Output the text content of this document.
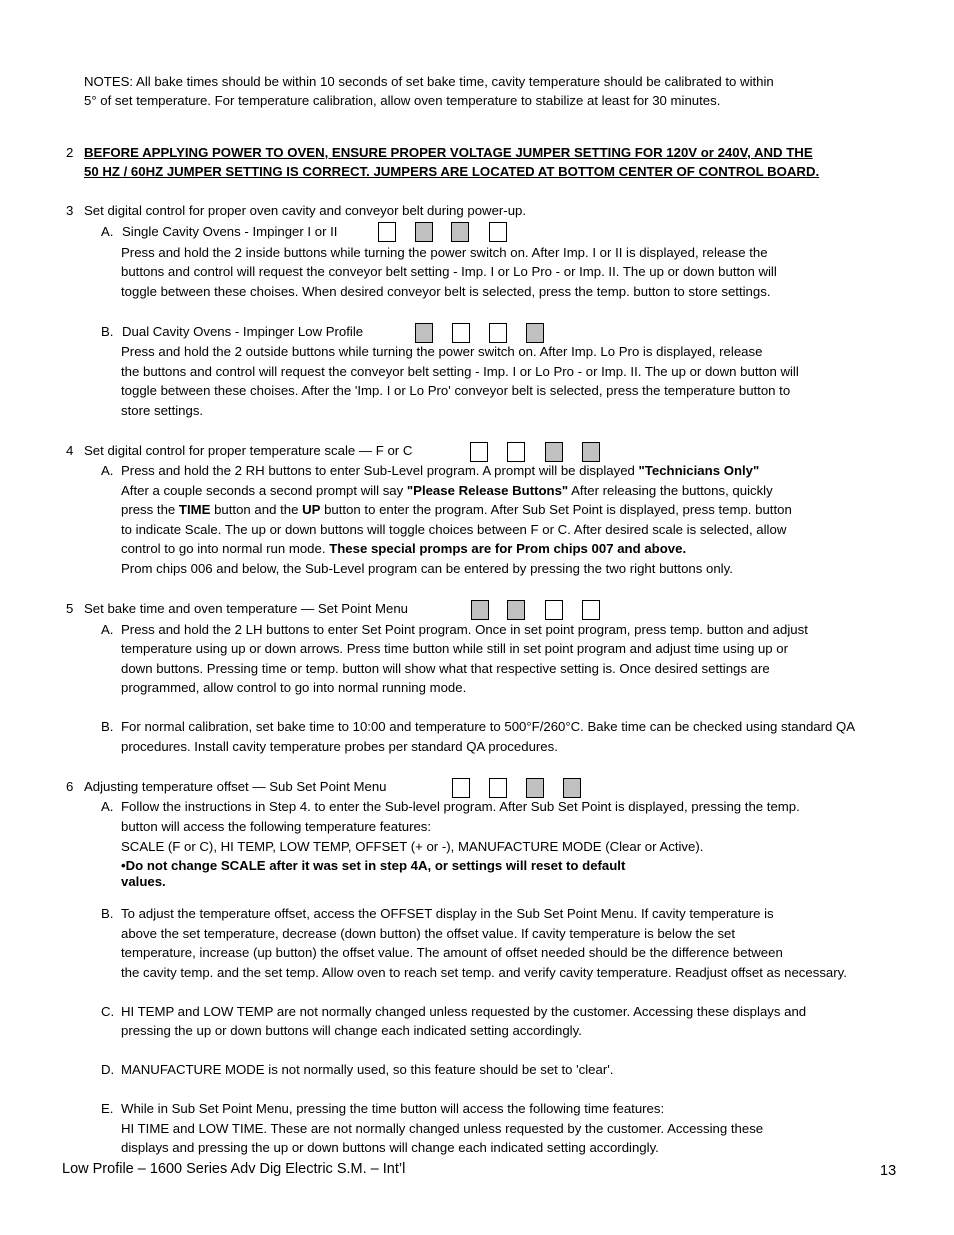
NOTES: All bake times should be within 10 seconds of set bake time, cavity temperature should be calibrated to within
5° of set temperature. For temperature calibration, allow oven temperature to stabilize at least for 30 minutes.
2 BEFORE APPLYING POWER TO OVEN, ENSURE PROPER VOLTAGE JUMPER SETTING FOR 120V or 240V, AND THE
50 HZ / 60HZ JUMPER SETTING IS CORRECT. JUMPERS ARE LOCATED AT BOTTOM CENTER OF CONTROL BOARD.
3 Set digital control for proper oven cavity and conveyor belt during power-up.
A. Single Cavity Ovens - Impinger I or II
Press and hold the 2 inside buttons while turning the power switch on. After Imp. I or II is displayed, release the
buttons and control will request the conveyor belt setting - Imp. I or Lo Pro - or Imp. II. The up or down button will
toggle between these choises. When desired conveyor belt is selected, press the temp. button to store settings.
B. Dual Cavity Ovens - Impinger Low Profile
Press and hold the 2 outside buttons while turning the power switch on. After Imp. Lo Pro is displayed, release
the buttons and control will request the conveyor belt setting - Imp. I or Lo Pro - or Imp. II. The up or down button will
toggle between these choises. After the 'Imp. I or Lo Pro' conveyor belt is selected, press the temperature button to
store settings.
4 Set digital control for proper temperature scale — F or C
A. Press and hold the 2 RH buttons to enter Sub-Level program. A prompt will be displayed "Technicians Only"
After a couple seconds a second prompt will say "Please Release Buttons" After releasing the buttons, quickly
press the TIME button and the UP button to enter the program. After Sub Set Point is displayed, press temp. button
to indicate Scale. The up or down buttons will toggle choices between F or C. After desired scale is selected, allow
control to go into normal run mode. These special promps are for Prom chips 007 and above.
Prom chips 006 and below, the Sub-Level program can be entered by pressing the two right buttons only.
5 Set bake time and oven temperature — Set Point Menu
A. Press and hold the 2 LH buttons to enter Set Point program. Once in set point program, press temp. button and adjust
temperature using up or down arrows. Press time button while still in set point program and adjust time using up or
down buttons. Pressing time or temp. button will show what that respective setting is. Once desired settings are
programmed, allow control to go into normal running mode.
B. For normal calibration, set bake time to 10:00 and temperature to 500°F/260°C. Bake time can be checked using standard QA
procedures. Install cavity temperature probes per standard QA procedures.
6 Adjusting temperature offset — Sub Set Point Menu
A. Follow the instructions in Step 4. to enter the Sub-level program. After Sub Set Point is displayed, pressing the temp.
button will access the following temperature features:
SCALE (F or C), HI TEMP, LOW TEMP, OFFSET (+ or -), MANUFACTURE MODE (Clear or Active).
•Do not change SCALE after it was set in step 4A, or settings will reset to default
values.
B. To adjust the temperature offset, access the OFFSET display in the Sub Set Point Menu. If cavity temperature is
above the set temperature, decrease (down button) the offset value. If cavity temperature is below the set
temperature, increase (up button) the offset value. The amount of offset needed should be the difference between
the cavity temp. and the set temp. Allow oven to reach set temp. and verify cavity temperature. Readjust offset as necessary.
C. HI TEMP and LOW TEMP are not normally changed unless requested by the customer. Accessing these displays and
pressing the up or down buttons will change each indicated setting accordingly.
D. MANUFACTURE MODE is not normally used, so this feature should be set to 'clear'.
E. While in Sub Set Point Menu, pressing the time button will access the following time features:
HI TIME and LOW TIME. These are not normally changed unless requested by the customer. Accessing these
displays and pressing the up or down buttons will change each indicated setting accordingly.
Low Profile – 1600 Series Adv Dig Electric S.M. – Int’l	13
